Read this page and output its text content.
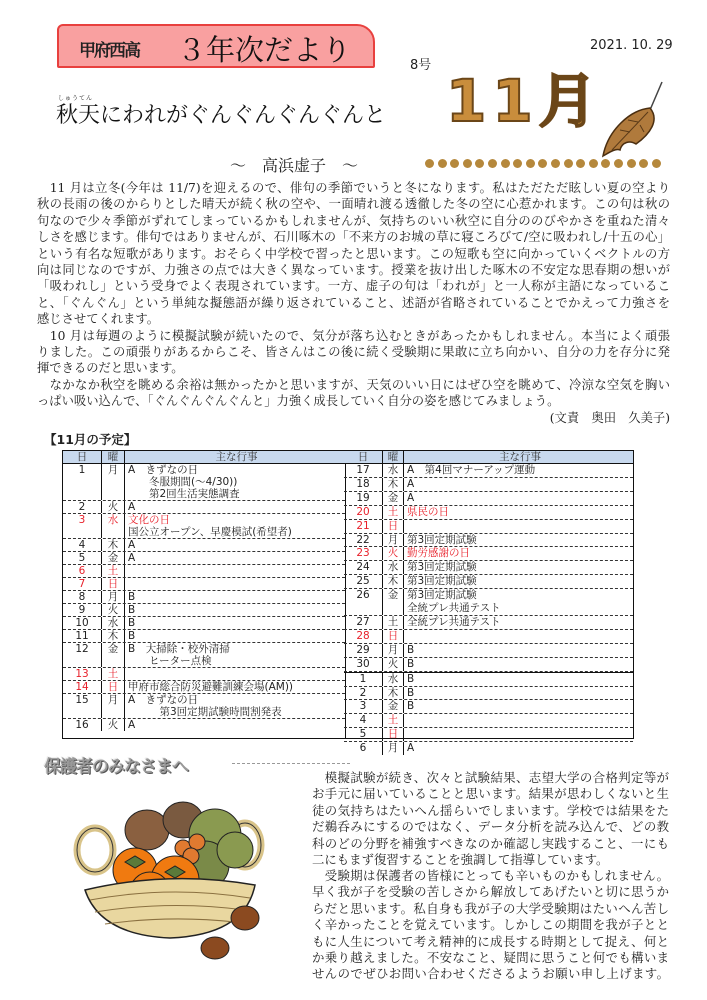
甲府西高 ３年次だより	2021. 10. 29
8号
しゅうてん
秋天にわれがぐんぐんぐんぐんと
～　高浜虚子　～
11月
　11 月は立冬(今年は 11/7)を迎えるので、俳句の季節でいうと冬になります。私はただただ眩しい夏の空より
秋の長雨の後のからりとした晴天が続く秋の空や、一面晴れ渡る透徹した冬の空に心惹かれます。この句は秋の
句なので少々季節がずれてしまっているかもしれませんが、気持ちのいい秋空に自分ののびやかさを重ねた清々
しさを感じます。俳句ではありませんが、石川啄木の「不来方のお城の草に寝ころびて/空に吸われし/十五の心」
という有名な短歌があります。おそらく中学校で習ったと思います。この短歌も空に向かっていくベクトルの方
向は同じなのですが、力強さの点では大きく異なっています。授業を抜け出した啄木の不安定な思春期の想いが
「吸われし」という受身でよく表現されています。一方、虚子の句は「われが」と一人称が主語になっているこ
と、「ぐんぐん」という単純な擬態語が繰り返されていること、述語が省略されていることでかえって力強さを
感じさせてくれます。
　10 月は毎週のように模擬試験が続いたので、気分が落ち込むときがあったかもしれません。本当によく頑張
りました。この頑張りがあるからこそ、皆さんはこの後に続く受験期に果敢に立ち向かい、自分の力を存分に発
揮できるのだと思います。
　なかなか秋空を眺める余裕は無かったかと思いますが、天気のいい日にはぜひ空を眺めて、冷涼な空気を胸い
っぱい吸い込んで、「ぐんぐんぐんぐんと」力強く成長していく自分の姿を感じてみましょう。
(文責　奥田　久美子)
【11月の予定】
日	曜	主な行事
1	月 A　きずなの日
　　冬服期間(～4/30))
　　第2回生活実態調査
2	火 A
3	水 文化の日
国公立オープン、早慶模試(希望者)
4	木 A
5	金 A
6	土

7	日

8	月 B
9	火 B
10	水 B
11	木 B
12	金 B　大掃除・校外清掃
　　ヒーター点検
13	土

14	日 甲府市総合防災避難訓練会場(AM))
15	月 A　きずなの日
　　　第3回定期試験時間割発表
16	火 A
日	曜	主な行事
17	水 A　第4回マナーアップ運動
18	木 A
19	金 A
20	土 県民の日
21	日

22	月 第3回定期試験
23	火 勤労感謝の日
24	水 第3回定期試験
25	木 第3回定期試験
26	金 第3回定期試験
全統プレ共通テスト
27	土 全統プレ共通テスト
28	日

29	月 B
30	火 B
1	水 B
2	木 B
3	金 B
4	土

5	日

6	月 A
保護者のみなさまへ
　模擬試験が続き、次々と試験結果、志望大学の合格判定等が
お手元に届いていることと思います。結果が思わしくないと生
徒の気持ちはたいへん揺らいでしまいます。学校では結果をた
だ鵜呑みにするのではなく、データ分析を読み込んで、どの教
科のどの分野を補強すべきなのか確認し実践すること、一にも
二にもまず復習することを強調して指導しています。
　受験期は保護者の皆様にとっても辛いものかもしれません。
早く我が子を受験の苦しさから解放してあげたいと切に思うか
らだと思います。私自身も我が子の大学受験期はたいへん苦し
く辛かったことを覚えています。しかしこの期間を我が子とと
もに人生について考え精神的に成長する時期として捉え、何と
か乗り越えました。不安なこと、疑問に思うこと何でも構いま
せんのでぜひお問い合わせくださるようお願い申し上げます。
